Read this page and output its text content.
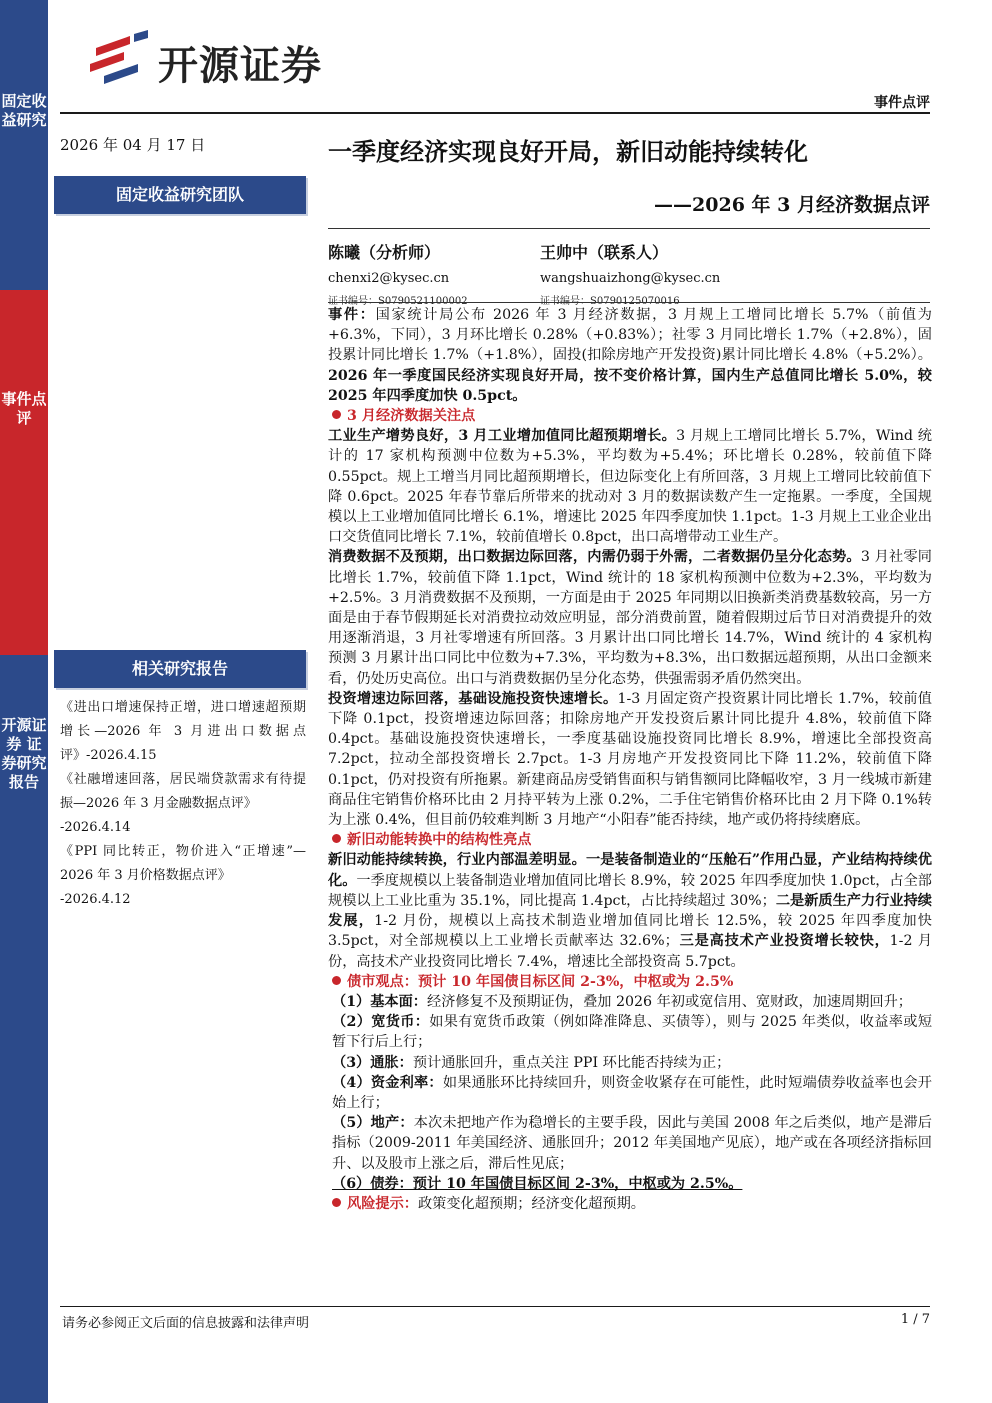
固定收益研究
事件点评
开源证券 证券研究报告
开源证券
事件点评
2026 年 04 月 17 日
固定收益研究团队
一季度经济实现良好开局，新旧动能持续转化
——2026 年 3 月经济数据点评
陈曦（分析师）
chenxi2@kysec.cn
证书编号：S0790521100002
王帅中（联系人）
wangshuaizhong@kysec.cn
证书编号：S0790125070016

事件：国家统计局公布 2026 年 3 月经济数据，3 月规上工增同比增长 5.7%（前值为+6.3%，下同），3 月环比增长 0.28%（+0.83%）；社零 3 月同比增长 1.7%（+2.8%），固投累计同比增长 1.7%（+1.8%），固投(扣除房地产开发投资)累计同比增长 4.8%（+5.2%）。2026 年一季度国民经济实现良好开局，按不变价格计算，国内生产总值同比增长 5.0%，较 2025 年四季度加快 0.5pct。

3 月经济数据关注点

工业生产增势良好，3 月工业增加值同比超预期增长。3 月规上工增同比增长 5.7%，Wind 统计的 17 家机构预测中位数为+5.3%，平均数为+5.4%；环比增长 0.28%，较前值下降 0.55pct。规上工增当月同比超预期增长，但边际变化上有所回落，3 月规上工增同比较前值下降 0.6pct。2025 年春节靠后所带来的扰动对 3 月的数据读数产生一定拖累。一季度，全国规模以上工业增加值同比增长 6.1%，增速比 2025 年四季度加快 1.1pct。1-3 月规上工业企业出口交货值同比增长 7.1%，较前值增长 0.8pct，出口高增带动工业生产。

消费数据不及预期，出口数据边际回落，内需仍弱于外需，二者数据仍呈分化态势。3 月社零同比增长 1.7%，较前值下降 1.1pct，Wind 统计的 18 家机构预测中位数为+2.3%，平均数为+2.5%。3 月消费数据不及预期，一方面是由于 2025 年同期以旧换新类消费基数较高，另一方面是由于春节假期延长对消费拉动效应明显，部分消费前置，随着假期过后节日对消费提升的效用逐渐消退，3 月社零增速有所回落。3 月累计出口同比增长 14.7%，Wind 统计的 4 家机构预测 3 月累计出口同比中位数为+7.3%，平均数为+8.3%，出口数据远超预期，从出口金额来看，仍处历史高位。出口与消费数据仍呈分化态势，供强需弱矛盾仍然突出。

投资增速边际回落，基础设施投资快速增长。1-3 月固定资产投资累计同比增长 1.7%，较前值下降 0.1pct，投资增速边际回落；扣除房地产开发投资后累计同比提升 4.8%，较前值下降 0.4pct。基础设施投资快速增长，一季度基础设施投资同比增长 8.9%，增速比全部投资高 7.2pct，拉动全部投资增长 2.7pct。1-3 月房地产开发投资同比下降 11.2%，较前值下降 0.1pct，仍对投资有所拖累。新建商品房受销售面积与销售额同比降幅收窄，3 月一线城市新建商品住宅销售价格环比由 2 月持平转为上涨 0.2%，二手住宅销售价格环比由 2 月下降 0.1%转为上涨 0.4%，但目前仍较难判断 3 月地产“小阳春”能否持续，地产或仍将持续磨底。

新旧动能转换中的结构性亮点

新旧动能持续转换，行业内部温差明显。一是装备制造业的“压舱石”作用凸显，产业结构持续优化。一季度规模以上装备制造业增加值同比增长 8.9%，较 2025 年四季度加快 1.0pct，占全部规模以上工业比重为 35.1%，同比提高 1.4pct，占比持续超过 30%；二是新质生产力行业持续发展，1-2 月份，规模以上高技术制造业增加值同比增长 12.5%，较 2025 年四季度加快 3.5pct，对全部规模以上工业增长贡献率达 32.6%；三是高技术产业投资增长较快，1-2 月份，高技术产业投资同比增长 7.4%，增速比全部投资高 5.7pct。

债市观点：预计 10 年国债目标区间 2-3%，中枢或为 2.5%

（1）基本面：经济修复不及预期证伪，叠加 2026 年初或宽信用、宽财政，加速周期回升；

（2）宽货币：如果有宽货币政策（例如降准降息、买债等），则与 2025 年类似，收益率或短暂下行后上行；

（3）通胀：预计通胀回升，重点关注 PPI 环比能否持续为正；

（4）资金利率：如果通胀环比持续回升，则资金收紧存在可能性，此时短端债券收益率也会开始上行；

（5）地产：本次未把地产作为稳增长的主要手段，因此与美国 2008 年之后类似，地产是滞后指标（2009-2011 年美国经济、通胀回升；2012 年美国地产见底），地产或在各项经济指标回升、以及股市上涨之后，滞后性见底；

（6）债券：预计 10 年国债目标区间 2-3%，中枢或为 2.5%。

风险提示：政策变化超预期；经济变化超预期。

相关研究报告
《进出口增速保持正增，进口增速超预期增长—2026 年 3 月进出口数据点评》-2026.4.15
《社融增速回落，居民端贷款需求有待提振—2026 年 3 月金融数据点评》
-2026.4.14
《PPI 同比转正，物价进入“正增速”— 2026 年 3 月价格数据点评》
-2026.4.12
请务必参阅正文后面的信息披露和法律声明	1 / 7
